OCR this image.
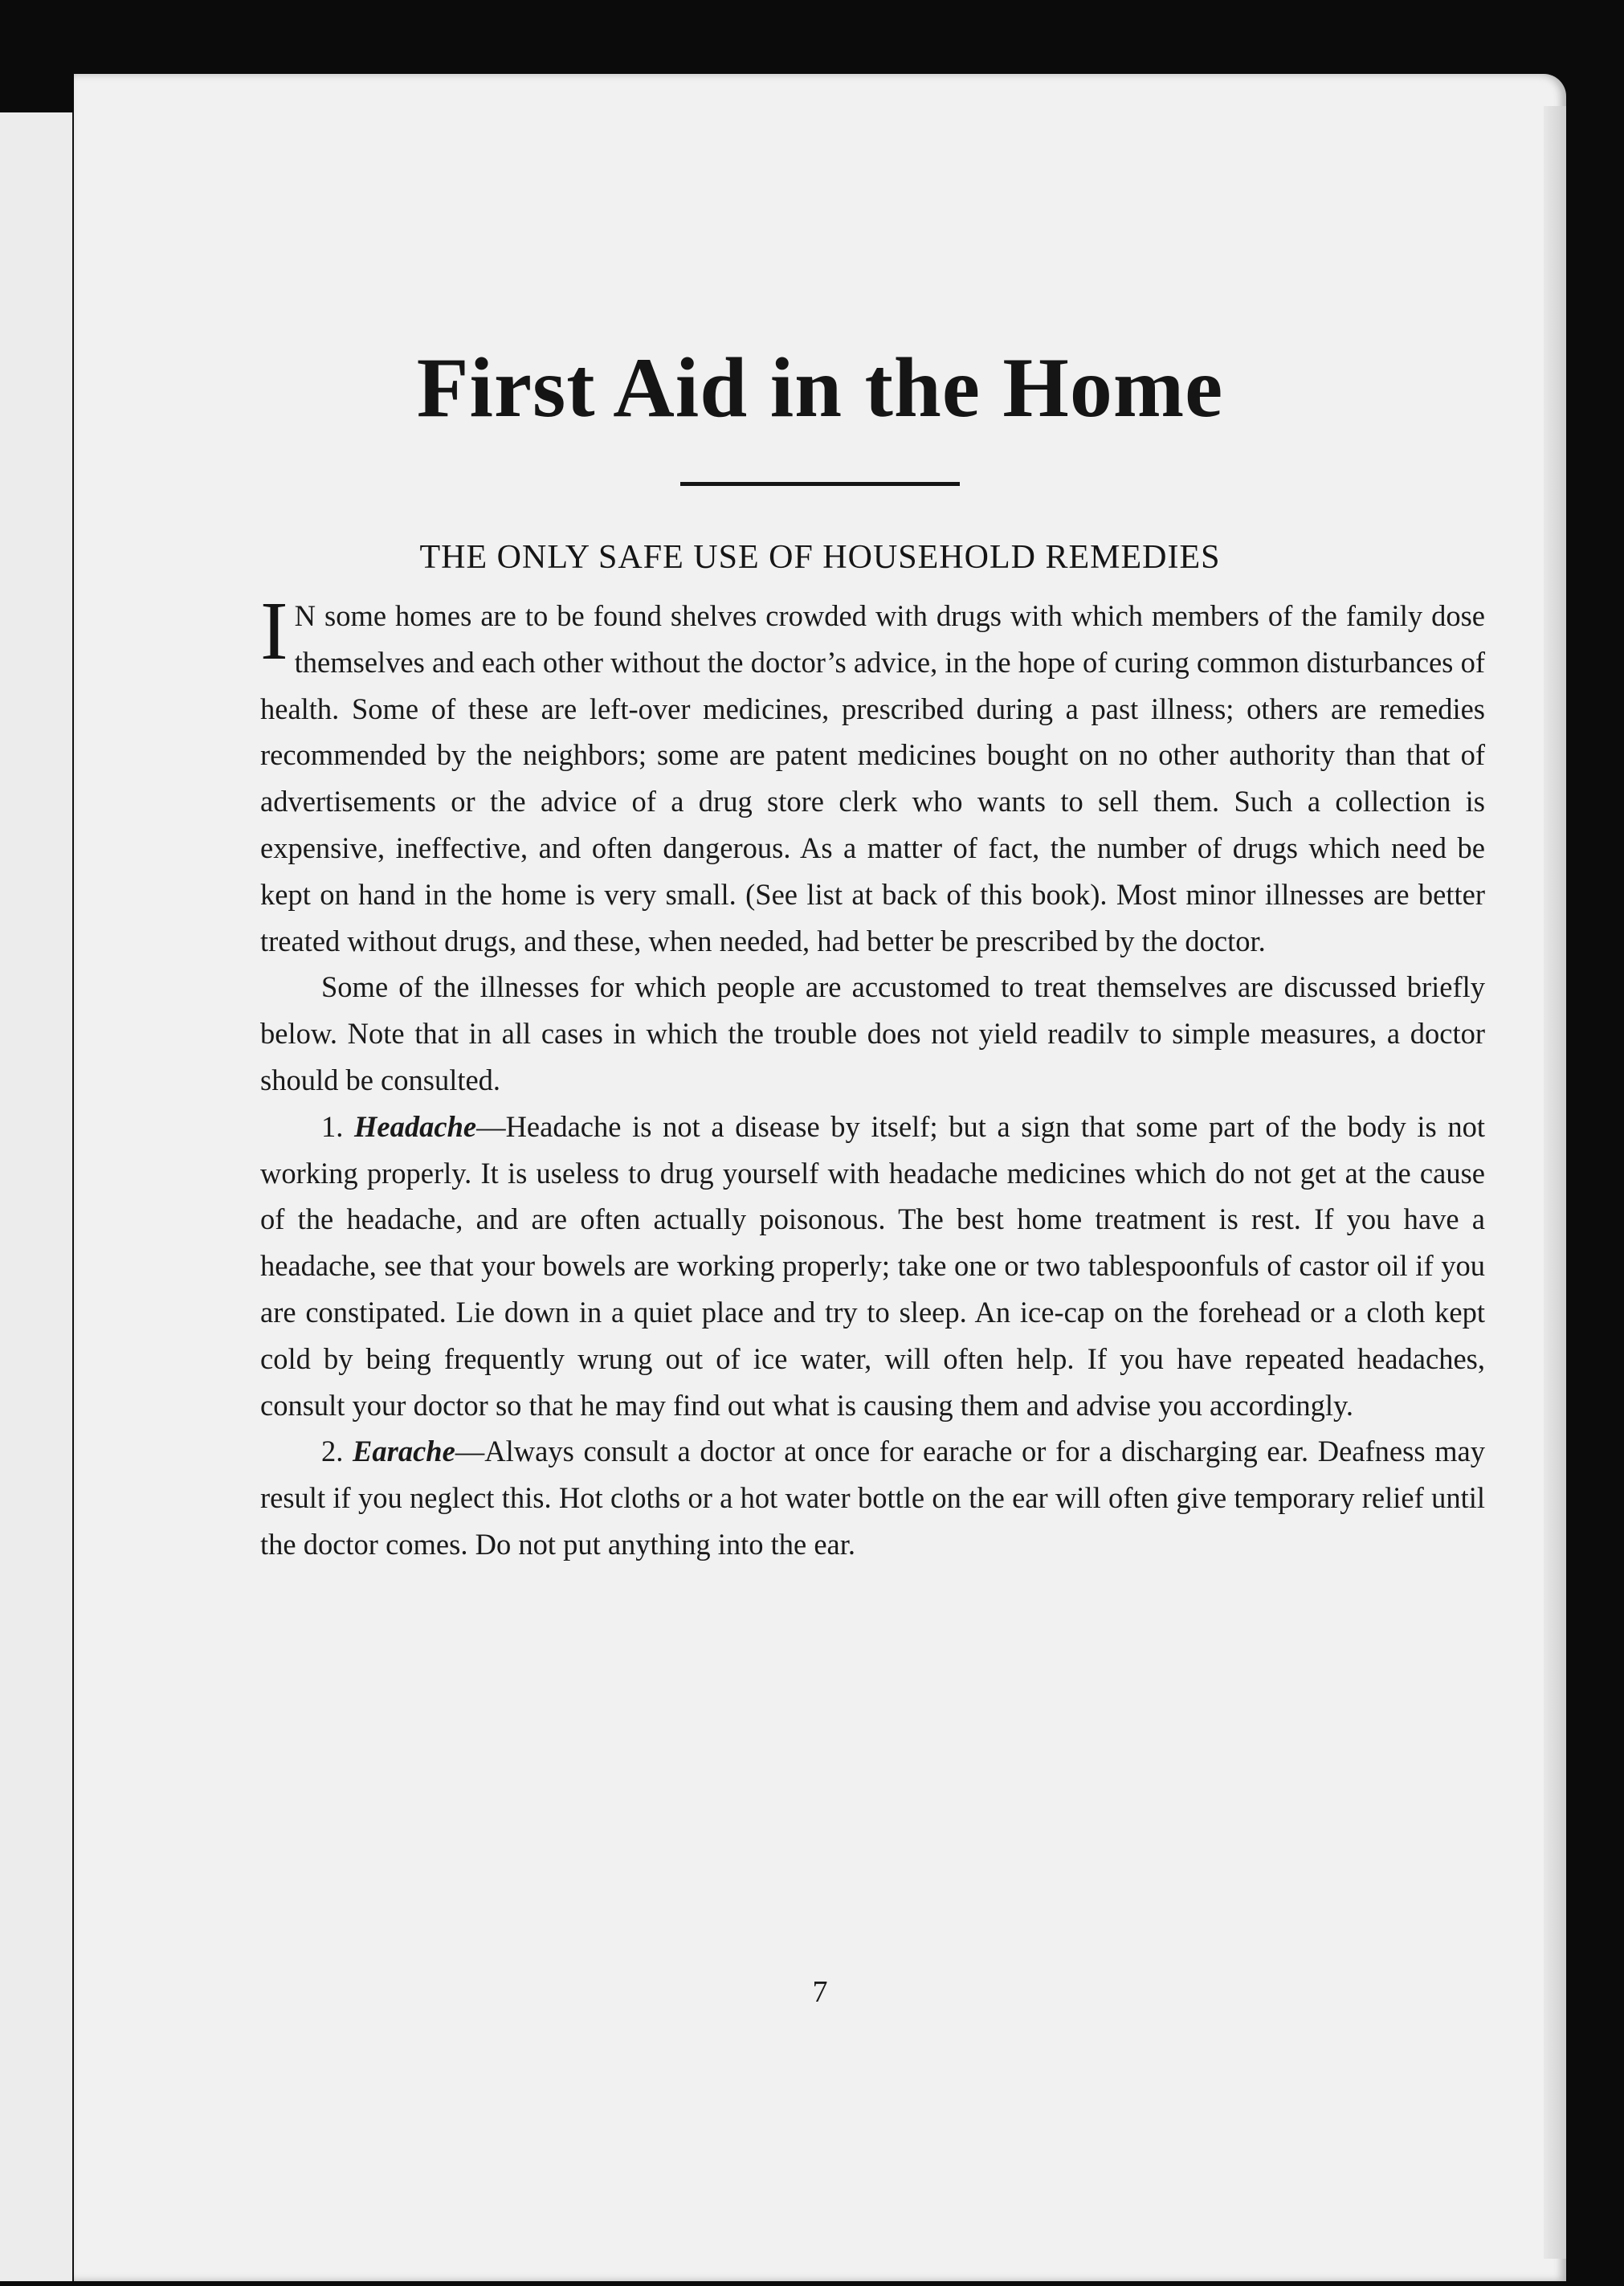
First Aid in the Home
THE ONLY SAFE USE OF HOUSEHOLD REMEDIES

I N some homes are to be found shelves crowded with drugs with which members of the family dose themselves and each other without the doctor’s advice, in the hope of curing common disturbances of health. Some of these are left-over medicines, prescribed during a past illness; others are remedies recommended by the neighbors; some are patent medicines bought on no other authority than that of advertisements or the advice of a drug store clerk who wants to sell them. Such a collection is expensive, ineffective, and often dangerous. As a matter of fact, the number of drugs which need be kept on hand in the home is very small. (See list at back of this book). Most minor illnesses are better treated without drugs, and these, when needed, had better be prescribed by the doctor.

Some of the illnesses for which people are accustomed to treat themselves are discussed briefly below. Note that in all cases in which the trouble does not yield readilv to simple measures, a doctor should be consulted.

1. Headache—Headache is not a disease by itself; but a sign that some part of the body is not working properly. It is useless to drug yourself with headache medicines which do not get at the cause of the headache, and are often actually poisonous. The best home treatment is rest. If you have a headache, see that your bowels are working properly; take one or two tablespoonfuls of castor oil if you are constipated. Lie down in a quiet place and try to sleep. An ice-cap on the forehead or a cloth kept cold by being frequently wrung out of ice water, will often help. If you have repeated headaches, consult your doctor so that he may find out what is causing them and advise you accordingly.

2. Earache—Always consult a doctor at once for earache or for a discharging ear. Deafness may result if you neglect this. Hot cloths or a hot water bottle on the ear will often give temporary relief until the doctor comes. Do not put anything into the ear.

7
